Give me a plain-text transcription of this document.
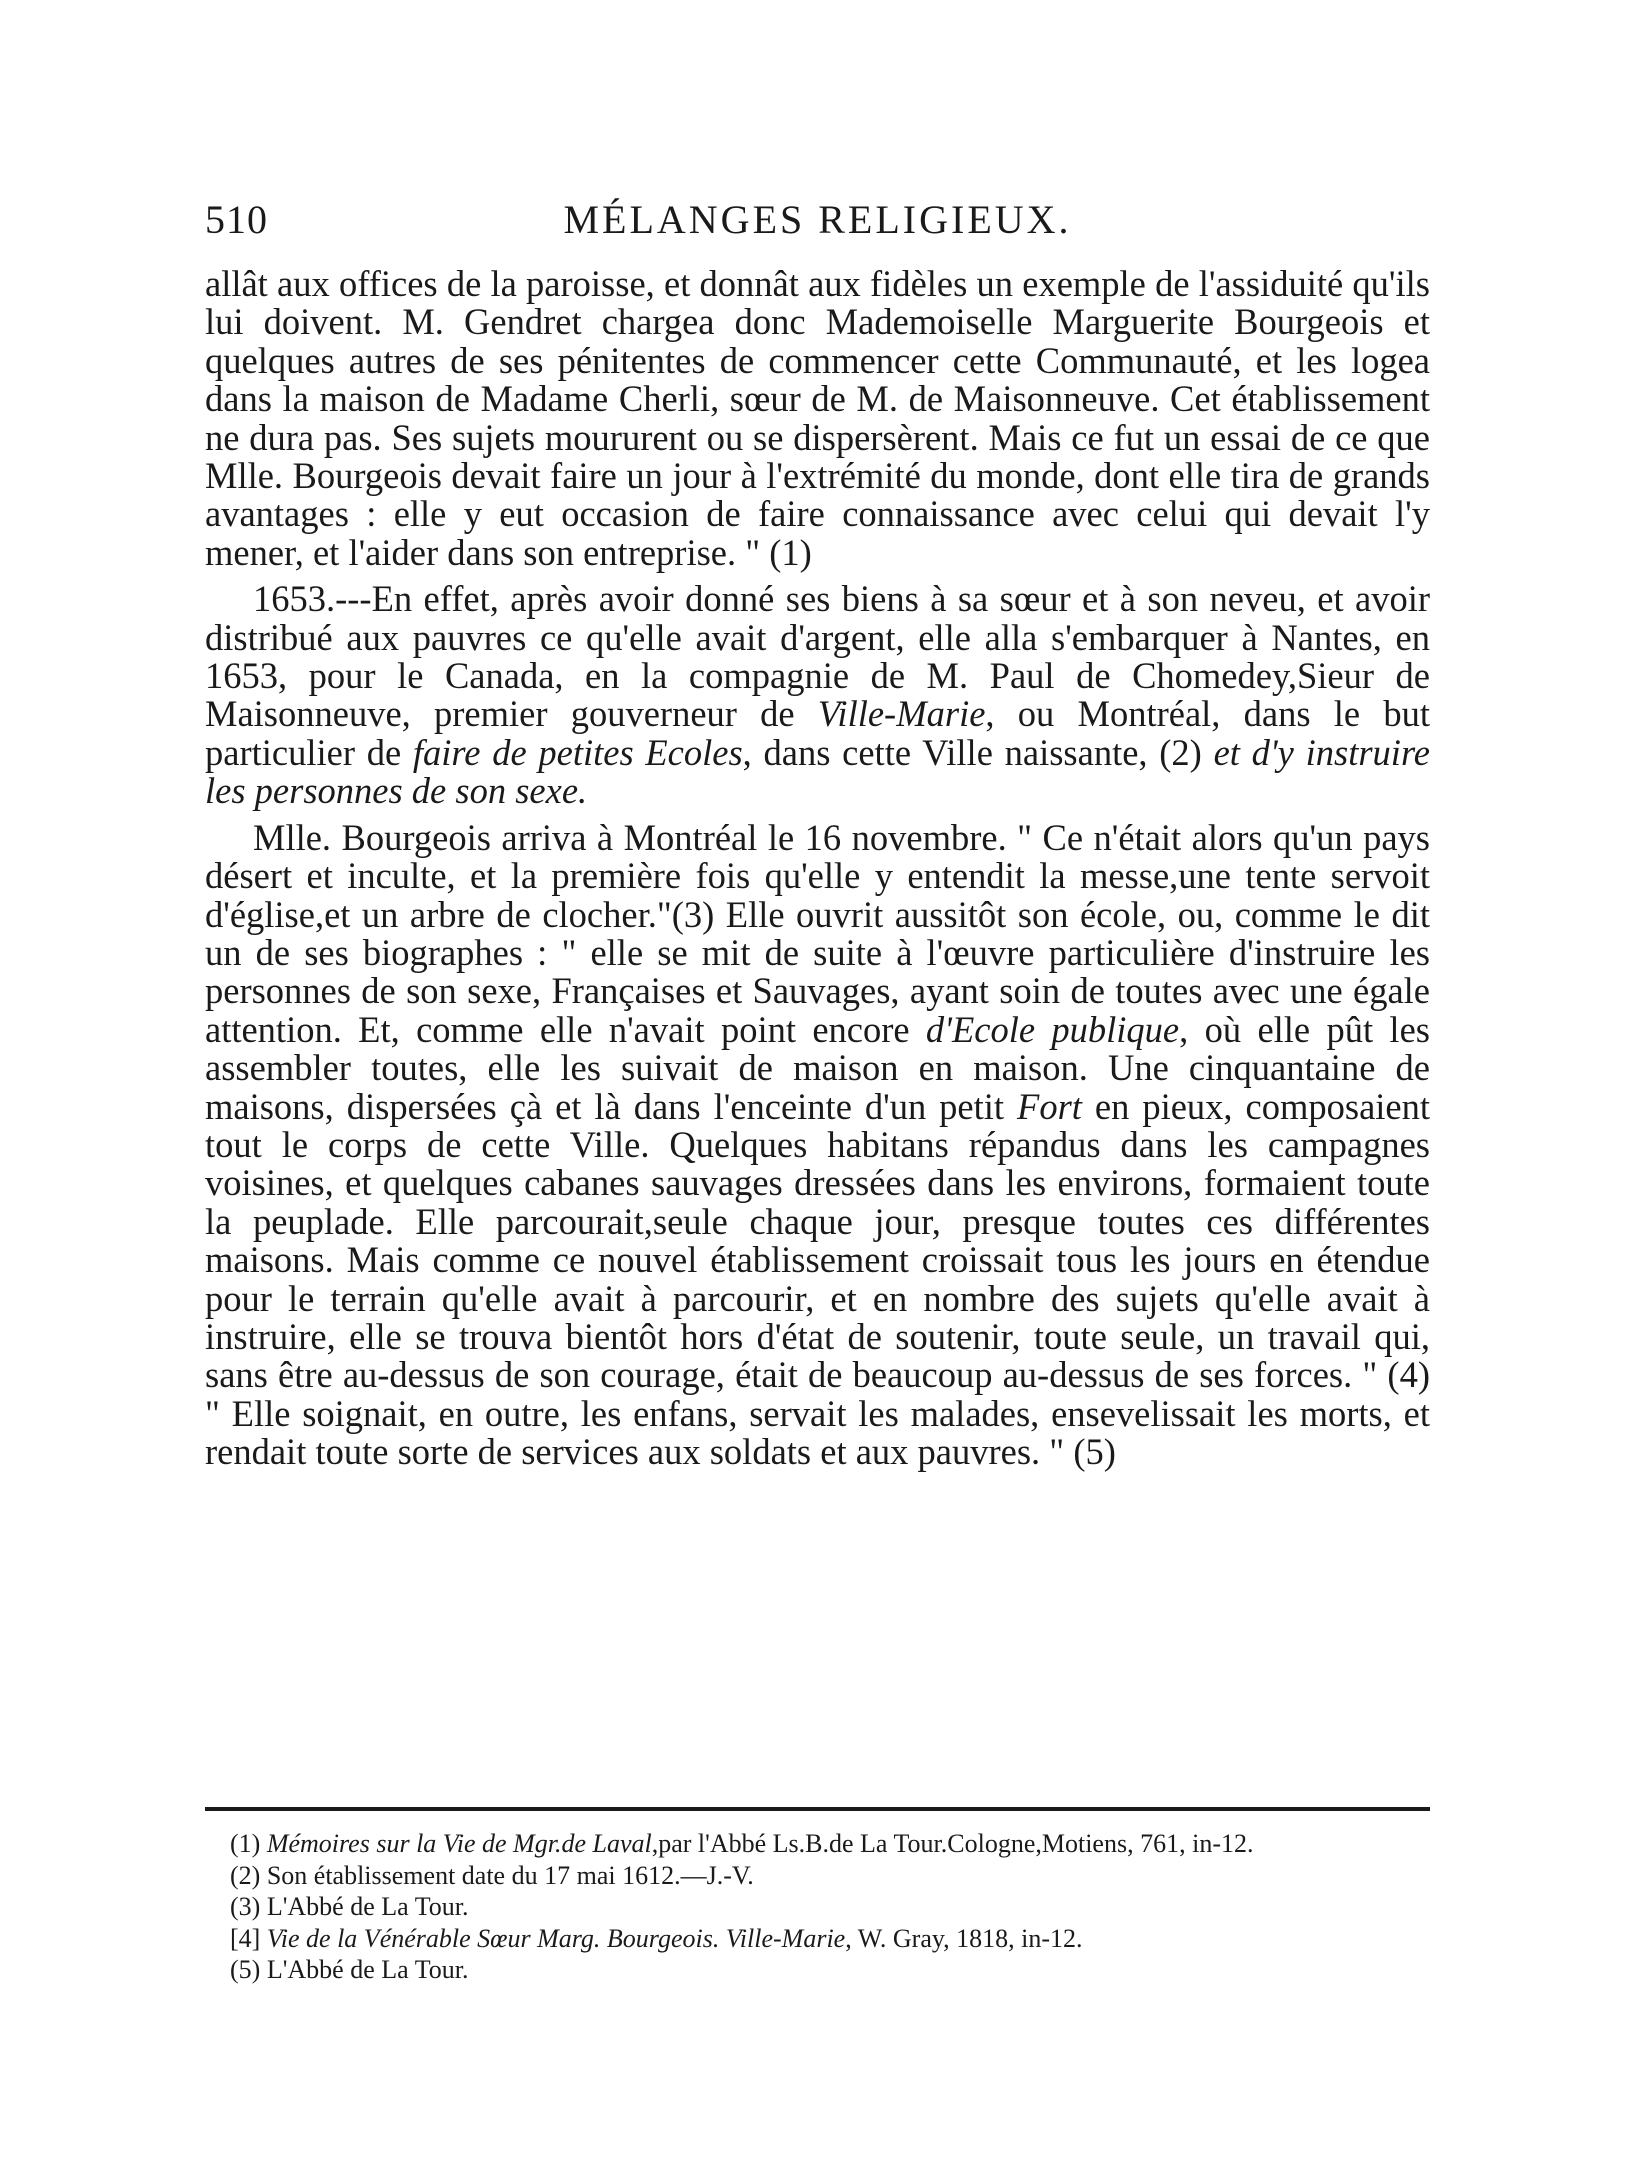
510	MÉLANGES RELIGIEUX.

allât aux offices de la paroisse, et donnât aux fidèles un exemple de l'assiduité qu'ils lui doivent. M. Gendret chargea donc Mademoiselle Marguerite Bourgeois et quelques autres de ses pénitentes de commencer cette Communauté, et les logea dans la maison de Madame Cherli, sœur de M. de Maisonneuve. Cet établissement ne dura pas. Ses sujets moururent ou se dispersèrent. Mais ce fut un essai de ce que Mlle. Bourgeois devait faire un jour à l'extrémité du monde, dont elle tira de grands avantages : elle y eut occasion de faire connaissance avec celui qui devait l'y mener, et l'aider dans son entreprise. " (1)

1653.---En effet, après avoir donné ses biens à sa sœur et à son neveu, et avoir distribué aux pauvres ce qu'elle avait d'argent, elle alla s'embarquer à Nantes, en 1653, pour le Canada, en la compagnie de M. Paul de Chomedey,Sieur de Maisonneuve, premier gouverneur de Ville-Marie, ou Montréal, dans le but particulier de faire de petites Ecoles, dans cette Ville naissante, (2) et d'y instruire les personnes de son sexe.

Mlle. Bourgeois arriva à Montréal le 16 novembre. " Ce n'était alors qu'un pays désert et inculte, et la première fois qu'elle y entendit la messe,une tente servoit d'église,et un arbre de clocher."(3) Elle ouvrit aussitôt son école, ou, comme le dit un de ses biographes : " elle se mit de suite à l'œuvre particulière d'instruire les personnes de son sexe, Françaises et Sauvages, ayant soin de toutes avec une égale attention. Et, comme elle n'avait point encore d'Ecole publique, où elle pût les assembler toutes, elle les suivait de maison en maison. Une cinquantaine de maisons, dispersées çà et là dans l'enceinte d'un petit Fort en pieux, composaient tout le corps de cette Ville. Quelques habitans répandus dans les campagnes voisines, et quelques cabanes sauvages dressées dans les environs, formaient toute la peuplade. Elle parcourait,seule chaque jour, presque toutes ces différentes maisons. Mais comme ce nouvel établissement croissait tous les jours en étendue pour le terrain qu'elle avait à parcourir, et en nombre des sujets qu'elle avait à instruire, elle se trouva bientôt hors d'état de soutenir, toute seule, un travail qui, sans être au-dessus de son courage, était de beaucoup au-dessus de ses forces. " (4) " Elle soignait, en outre, les enfans, servait les malades, ensevelissait les morts, et rendait toute sorte de services aux soldats et aux pauvres. " (5)

(1) Mémoires sur la Vie de Mgr.de Laval,par l'Abbé Ls.B.de La Tour.Cologne,Motiens, 761, in-12.

(2) Son établissement date du 17 mai 1612.—J.-V.

(3) L'Abbé de La Tour.

[4] Vie de la Vénérable Sœur Marg. Bourgeois. Ville-Marie, W. Gray, 1818, in-12.

(5) L'Abbé de La Tour.
